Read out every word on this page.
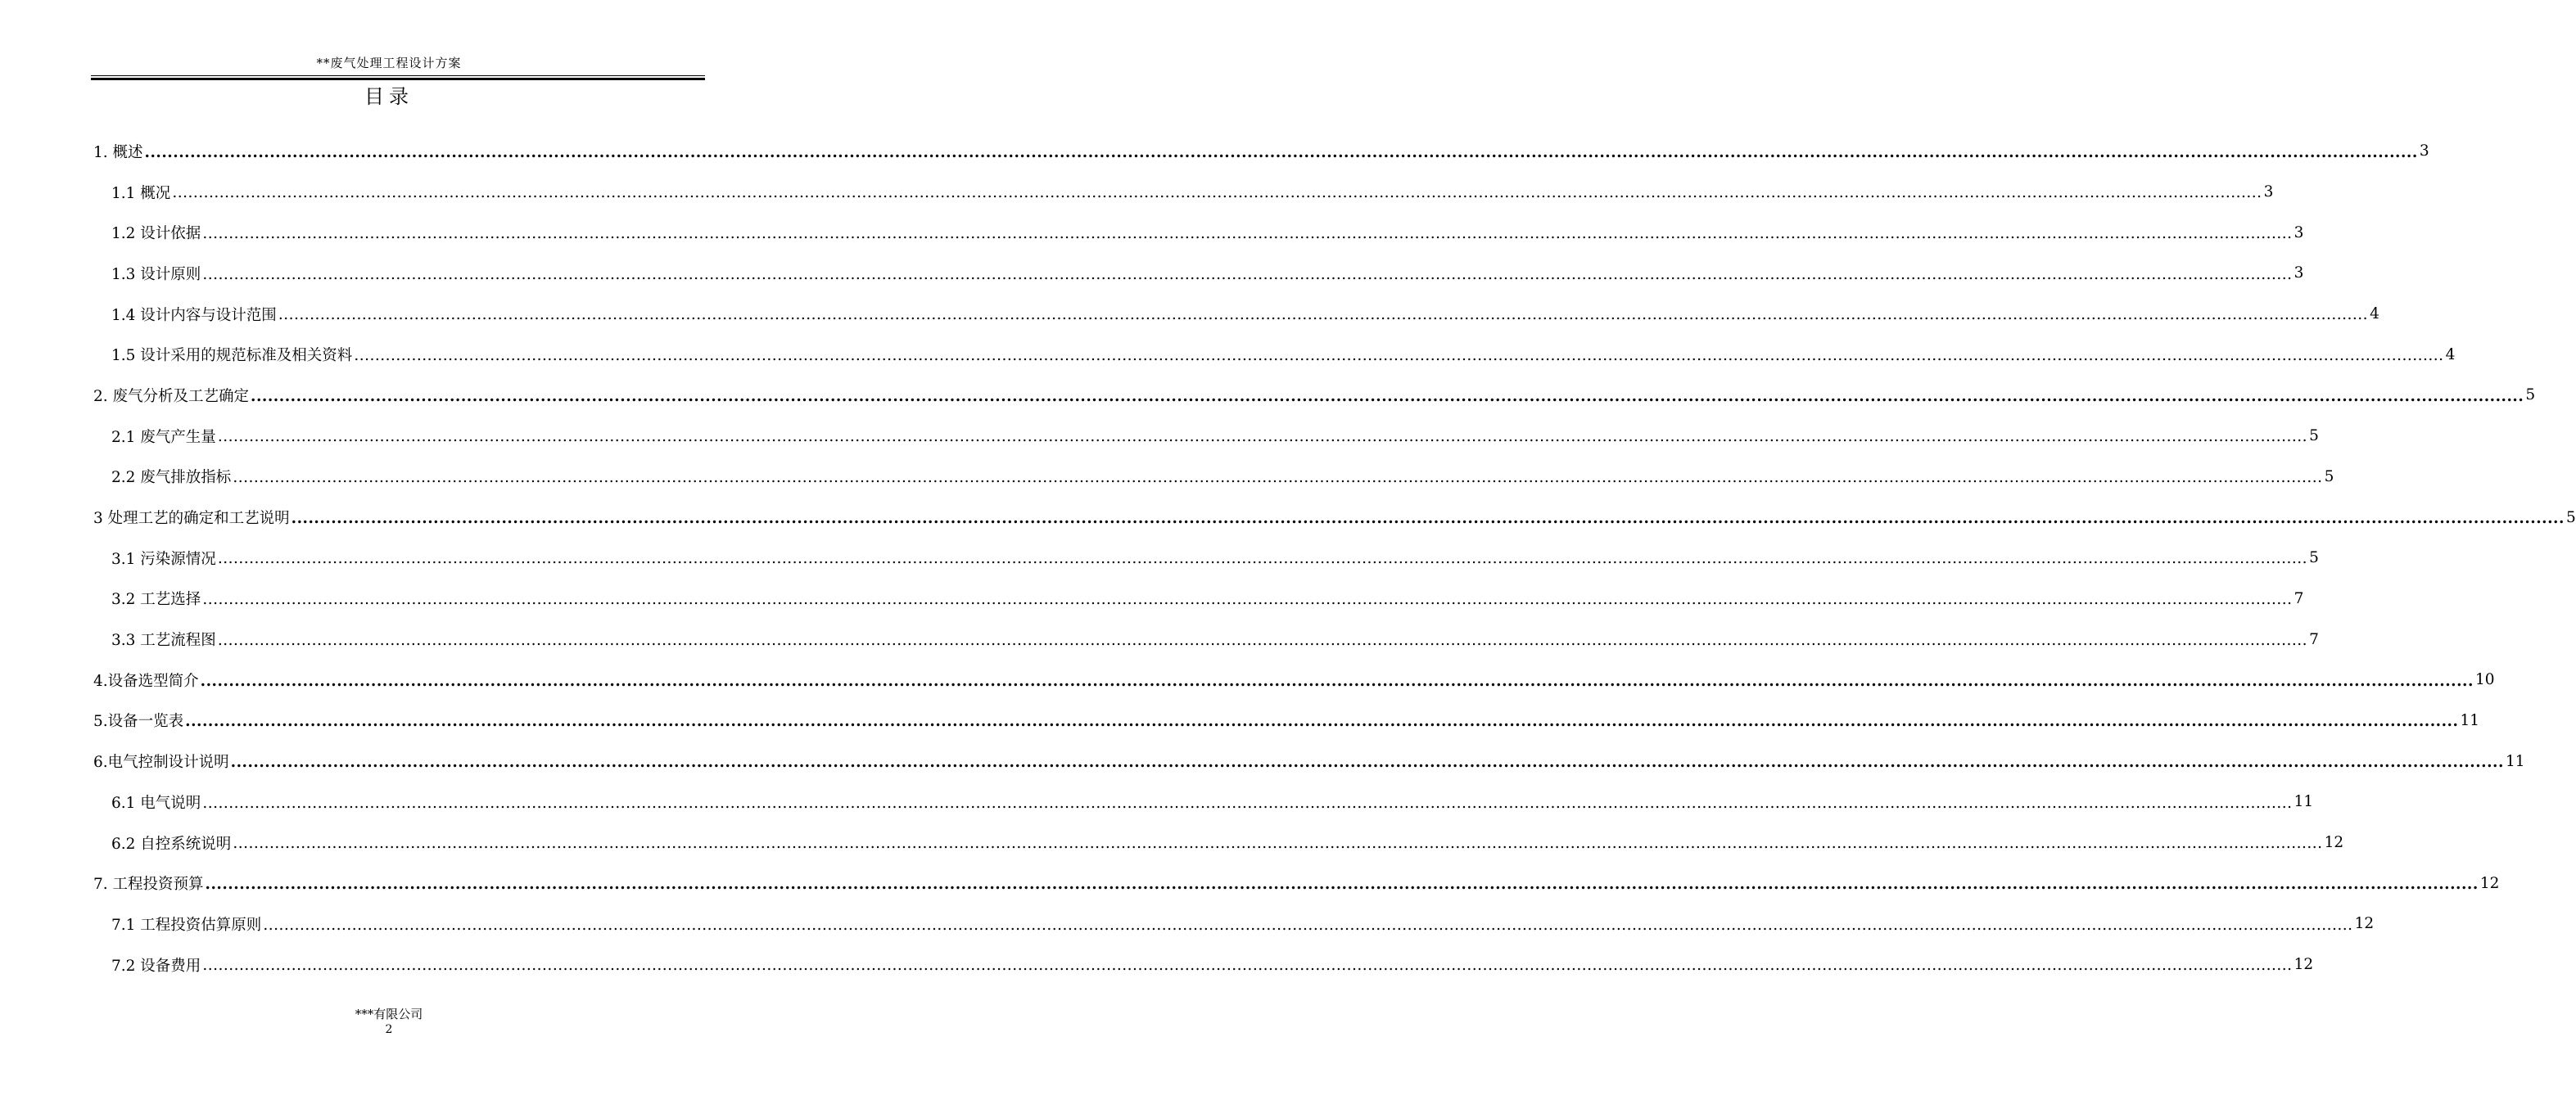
**废气处理工程设计方案
目录
1. 概述 ................................................................................................................................................................................................................................................................................................................................................................................................................ 3
1.1 概况 ................................................................................................................................................................................................................................................................................................................................................................................................................ 3
1.2 设计依据 ................................................................................................................................................................................................................................................................................................................................................................................................................ 3
1.3 设计原则 ................................................................................................................................................................................................................................................................................................................................................................................................................ 3
1.4 设计内容与设计范围 ................................................................................................................................................................................................................................................................................................................................................................................................................ 4
1.5 设计采用的规范标准及相关资料 ................................................................................................................................................................................................................................................................................................................................................................................................................ 4
2. 废气分析及工艺确定 ................................................................................................................................................................................................................................................................................................................................................................................................................ 5
2.1 废气产生量 ................................................................................................................................................................................................................................................................................................................................................................................................................ 5
2.2 废气排放指标 ................................................................................................................................................................................................................................................................................................................................................................................................................ 5
3 处理工艺的确定和工艺说明 ................................................................................................................................................................................................................................................................................................................................................................................................................ 5
3.1 污染源情况 ................................................................................................................................................................................................................................................................................................................................................................................................................ 5
3.2 工艺选择 ................................................................................................................................................................................................................................................................................................................................................................................................................ 7
3.3 工艺流程图 ................................................................................................................................................................................................................................................................................................................................................................................................................ 7
4.设备选型简介 ................................................................................................................................................................................................................................................................................................................................................................................................................ 10
5.设备一览表 ................................................................................................................................................................................................................................................................................................................................................................................................................ 11
6.电气控制设计说明 ................................................................................................................................................................................................................................................................................................................................................................................................................ 11
6.1 电气说明 ................................................................................................................................................................................................................................................................................................................................................................................................................ 11
6.2 自控系统说明 ................................................................................................................................................................................................................................................................................................................................................................................................................ 12
7. 工程投资预算 ................................................................................................................................................................................................................................................................................................................................................................................................................ 12
7.1 工程投资估算原则 ................................................................................................................................................................................................................................................................................................................................................................................................................ 12
7.2 设备费用 ................................................................................................................................................................................................................................................................................................................................................................................................................ 12
***有限公司
2
